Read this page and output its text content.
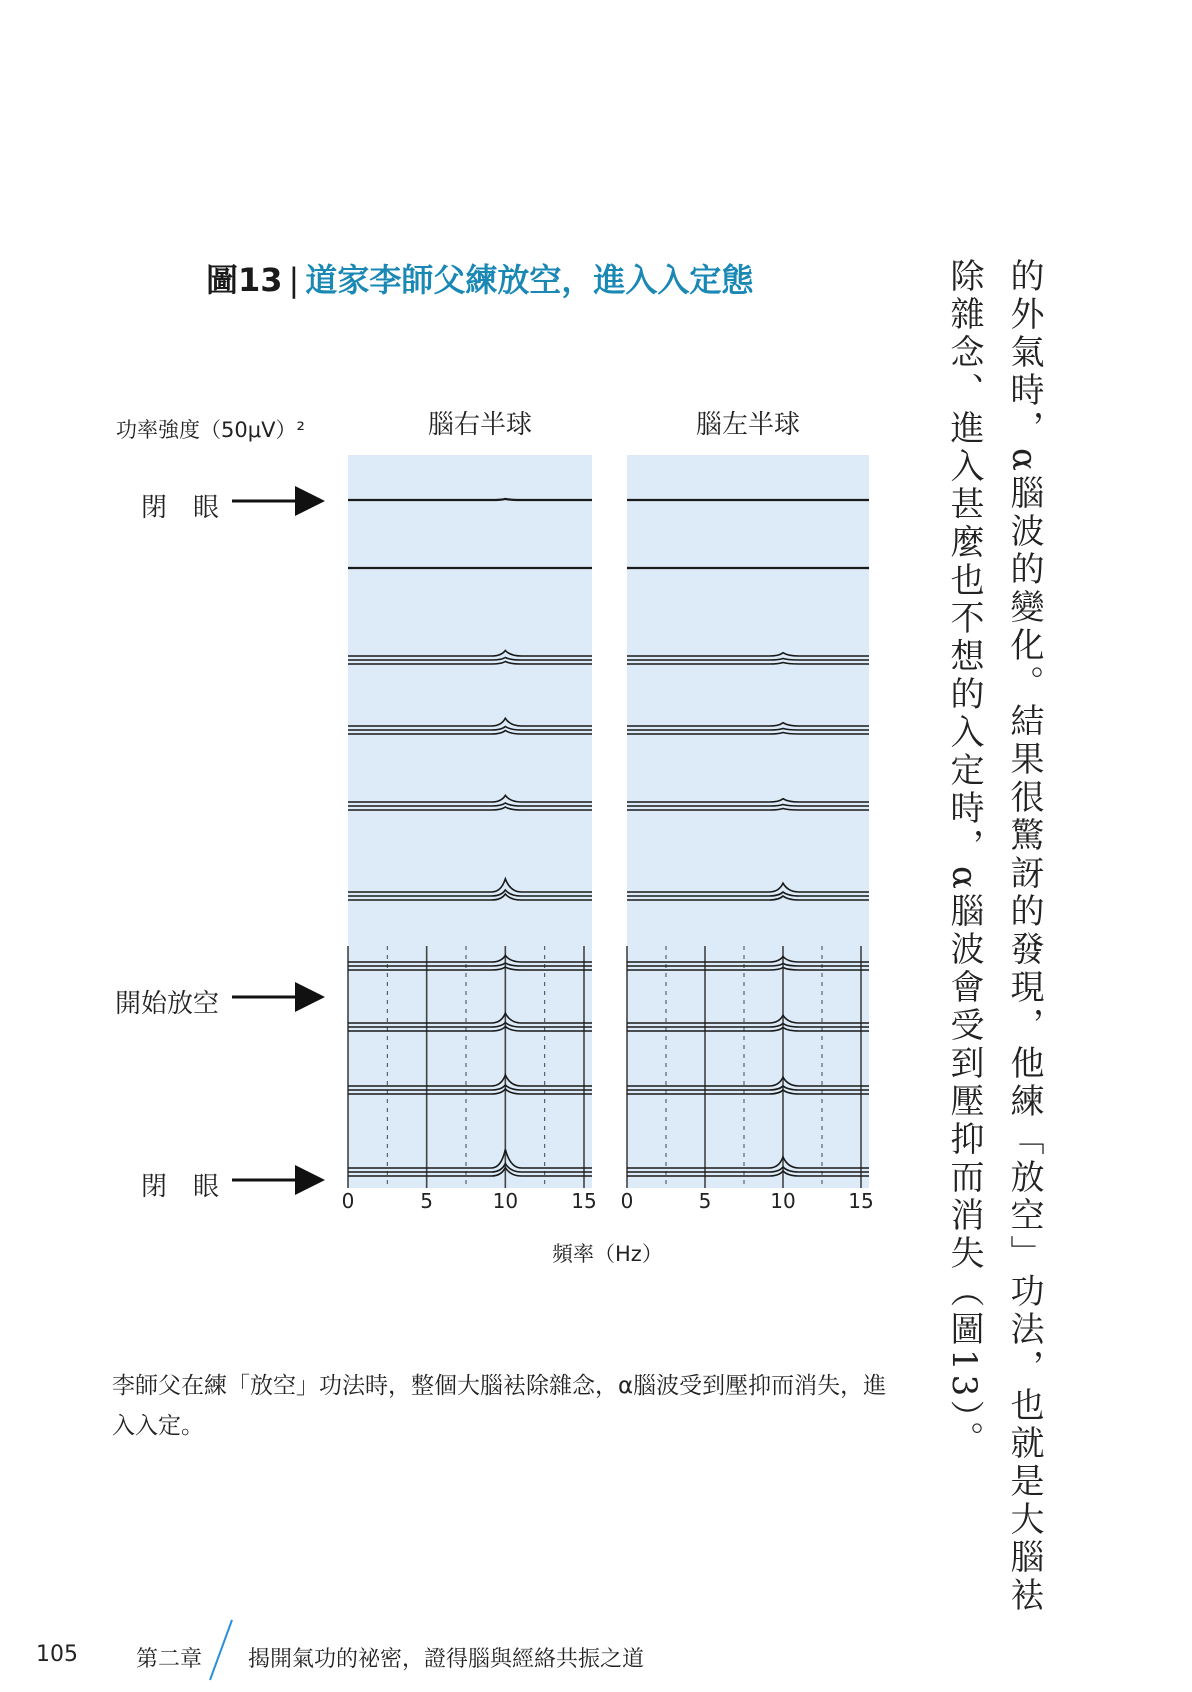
圖13 | 道家李師父練放空，進入入定態
功率強度（50μV）²	腦右半球	腦左半球
閉　眼
開始放空
閉　眼	0	5	10	15 0	5	10	15
頻率（Hz）
李師父在練「放空」功法時，整個大腦袪除雜念，α腦波受到壓抑而消失，進入入定。	的外氣時，α腦波的變化。結果很驚訝的發現，他練「放空」功法，也就是大腦袪
除雜念、進入甚麼也不想的入定時，α腦波會受到壓抑而消失（圖13）。
105	第二章 揭開氣功的祕密，證得腦與經絡共振之道
